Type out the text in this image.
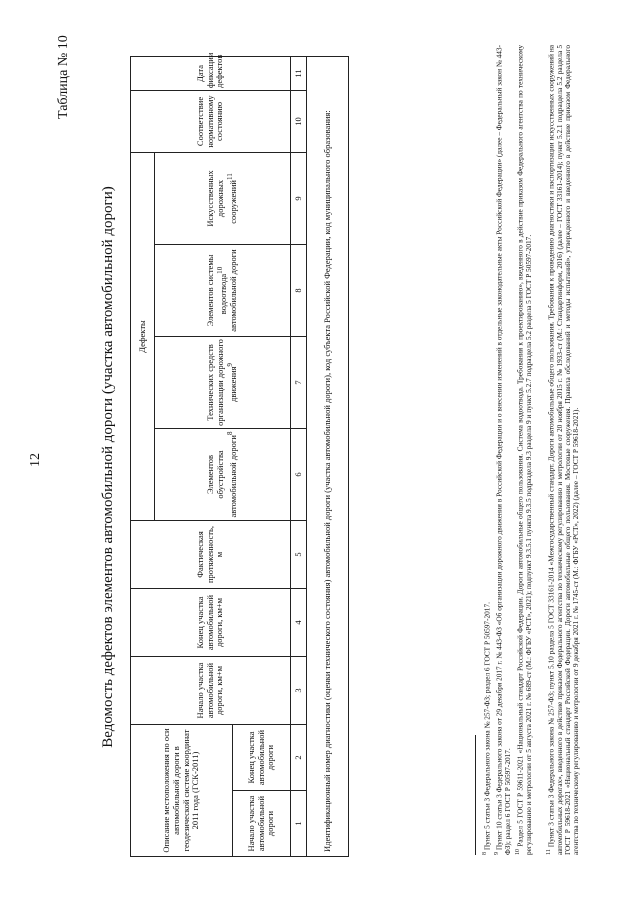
12
Таблица № 10
Ведомость дефектов элементов автомобильной дороги (участка автомобильной дороги)
Описание местоположения по оси автомобильной дороги в геодезической системе координат 2011 года (ГСК-2011)		Начало участка автомобильной дороги, км+м	Конец участка автомобильной дороги, км+м	Фактическая протяженность, м	Дефекты				Соответствие нормативному состоянию	Дата фиксации дефектов
					Элементов обустройства автомобильной дороги$^8$	Технических средств организации дорожного движения$^9$	Элементов системы водоотвода$^{10}$ автомобильной дороги	Искусственных дорожных сооружений$^{11}$
Начало участка автомобильной дороги	Конец участка автомобильной дороги									
1	2	3	4	5	6	7	8	9	10	11
Идентификационный номер диагностики (оценки технического состояния) автомобильной дороги (участка автомобильной дороги), код субъекта Российской Федерации, код муниципального образования:										
$^8$ Пункт 5 статьи 3 Федерального закона № 257-ФЗ; раздел 6 ГОСТ Р 50597-2017.
$^9$ Пункт 10 статьи 3 Федерального закона от 29 декабря 2017 г. № 443-ФЗ «Об организации дорожного движения в Российской Федерации и о внесении изменений в отдельные законодательные акты Российской Федерации» (далее – Федеральный закон № 443-ФЗ); раздел 6 ГОСТ Р 50597-2017. $^{10}$ Раздел 5 ГОСТ Р 59611-2021 «Национальный стандарт Российской Федерации. Дороги автомобильные общего пользования. Система водоотвода. Требования к проектированию», введенного в действие приказом Федерального агентства по техническому регулированию и метрологии от 5 августа 2021 г. № 689-ст (М.: ФГБУ «РСТ», 2021); подпункт 9.3.5.1 пункта 9.3.5 подраздела 9.3 раздела 9 и пункт 5.2.7 подраздела 5.2 раздела 5 ГОСТ Р 50597-2017. $^{11}$ Пункт 3 статьи 3 Федерального закона № 257-ФЗ; пункт 5.10 раздела 5 ГОСТ 33161-2014 «Межгосударственный стандарт. Дороги автомобильные общего пользования. Требования к проведению диагностики и паспортизации искусственных сооружений на автомобильных дорогах», введенного в действие приказом Федерального агентства по техническому регулированию и метрологии от 20 ноября 2015 г. № 1933-ст (М.: Стандартинформ, 2016) (далее – ГОСТ 33161-2014); пункт 5.2.1 подраздела 5.2 раздела 5 ГОСТ Р 59618-2021 «Национальный стандарт Российской Федерации. Дороги автомобильные общего пользования. Мостовые сооружения. Правила обследований и методы испытаний», утвержденного и введенного в действие приказом Федерального агентства по техническому регулированию и метрологии от 9 декабря 2021 г. № 1745-ст (М.: ФГБУ «РСТ», 2022) (далее – ГОСТ Р 59618-2021).
